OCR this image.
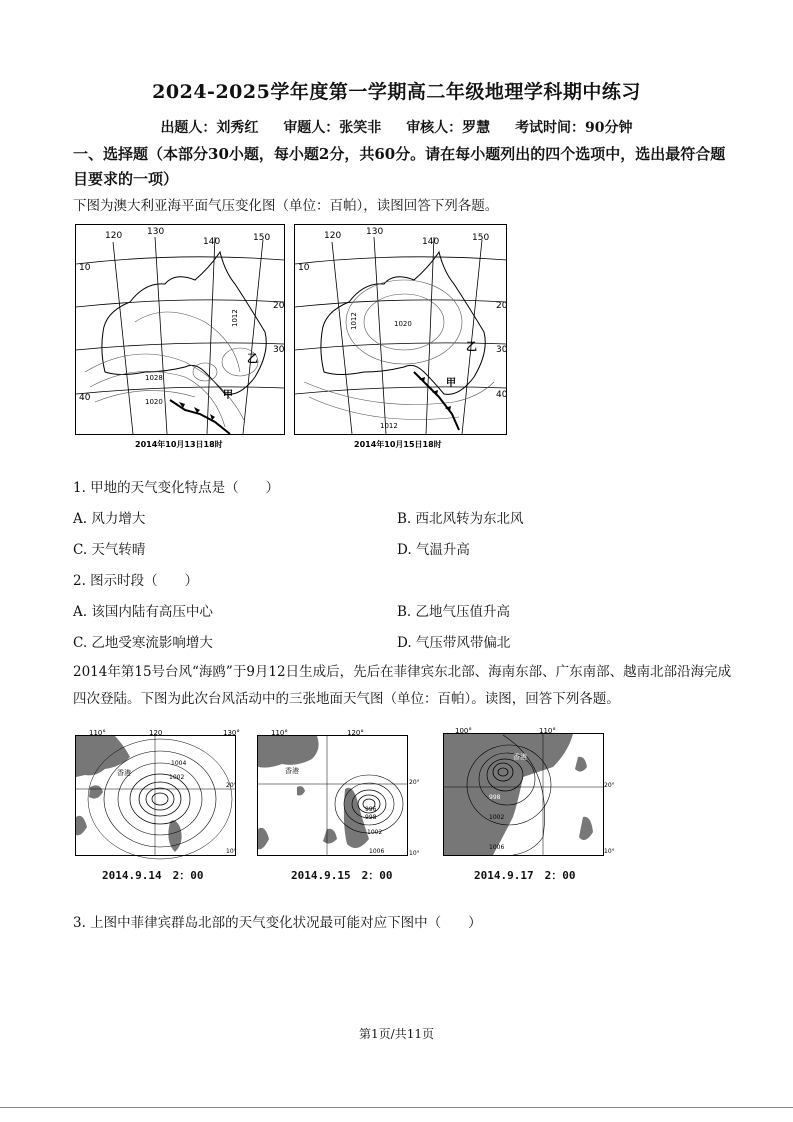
2024-2025学年度第一学期高二年级地理学科期中练习
出题人：刘秀红 审题人：张笑非 审核人：罗慧 考试时间：90分钟
一、选择题（本部分30小题，每小题2分，共60分。请在每小题列出的四个选项中，选出最符合题目要求的一项）
下图为澳大利亚海平面气压变化图（单位：百帕），读图回答下列各题。
120	130
140	150
10
20
30
40
1012
1028
1020
乙
甲
2014年10月13日18时
120	130
140	150
10
20
30
40
1012	1020
1012
乙
甲
2014年10月15日18时
1. 甲地的天气变化特点是（　　）
A. 风力增大	B. 西北风转为东北风
C. 天气转晴	D. 气温升高
2. 图示时段（　　）
A. 该国内陆有高压中心	B. 乙地气压值升高
C. 乙地受寒流影响增大	D. 气压带风带偏北
2014年第15号台风“海鸥”于9月12日生成后，先后在菲律宾东北部、海南东部、广东南部、越南北部沿海完成四次登陆。下图为此次台风活动中的三张地面天气图（单位：百帕）。读图，回答下列各题。
110°	120	130°
20°
10°
1004
1002
香港
2014.9.14　2：00
110°	120°
20°
10°
996
998
1002
1006
香港
2014.9.15　2：00
100°	110°
20°
10°
998
1002
1006
香港
2014.9.17　2：00
3. 上图中菲律宾群岛北部的天气变化状况最可能对应下图中（　　）
第1页/共11页
